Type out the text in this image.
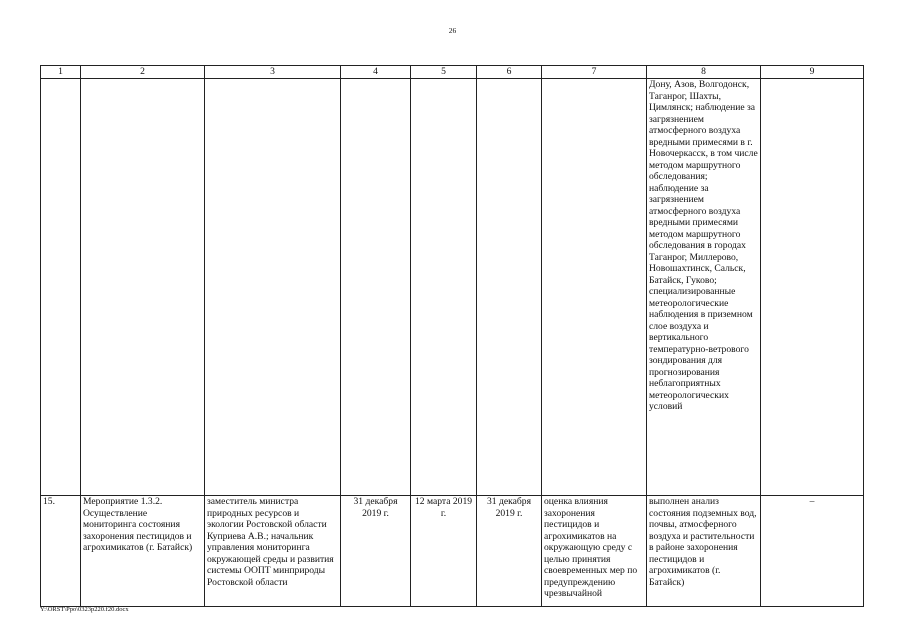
26
1	2	3	4	5	6	7	8	9
							Дону, Азов, Волгодонск, Таганрог, Шахты, Цимлянск; наблюдение за загрязнением атмосферного воздуха вредными примесями в г. Новочеркасск, в том числе методом маршрутного обследования; наблюдение за загрязнением атмосферного воздуха вредными примесями методом маршрутного обследования в городах Таганрог, Миллерово, Новошахтинск, Сальск, Батайск, Гуково; специализированные метеорологические наблюдения в приземном слое воздуха и вертикального температурно-ветрового зондирования для прогнозирования неблагоприятных метеорологических условий	
15.	Мероприятие 1.3.2. Осуществление мониторинга состояния захоронения пестицидов и агрохимикатов (г. Батайск)	заместитель министра природных ресурсов и экологии Ростовской области Куприева А.В.; начальник управления мониторинга окружающей среды и развития системы ООПТ минприроды Ростовской области	31 декабря 2019 г.	12 марта 2019 г.	31 декабря 2019 г.	оценка влияния захоронения пестицидов и агрохимикатов на окружающую среду с целью принятия своевременных мер по предупреждению чрезвычайной	выполнен анализ состояния подземных вод, почвы, атмосферного воздуха и растительности в районе захоронения пестицидов и агрохимикатов (г. Батайск)	–
Y:\ORST\Ppo\0323p220.f20.docx
